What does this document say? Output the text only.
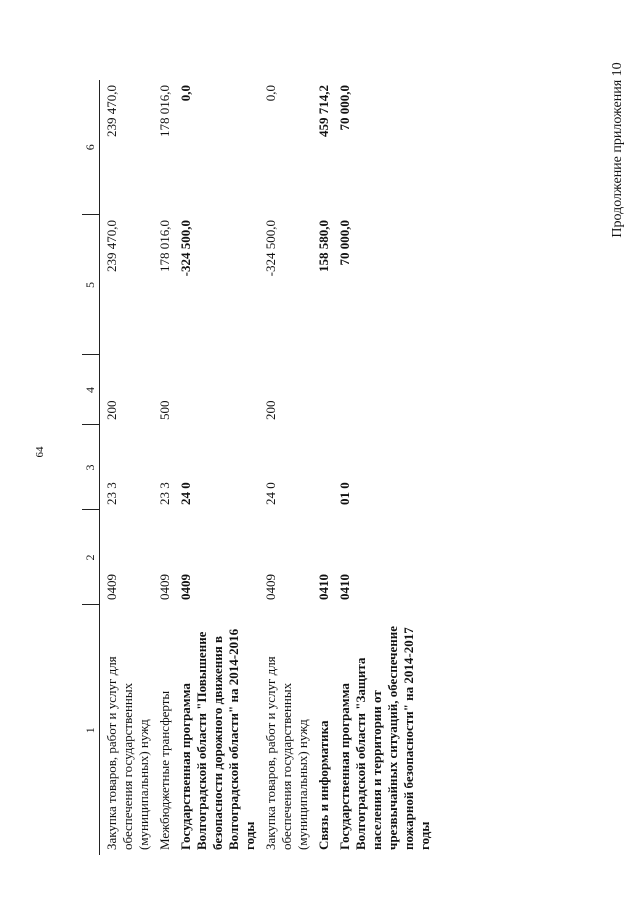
64
Продолжение приложения 10
1	2	3	4	5	6
Закупка товаров, работ и услуг для обеспечения государственных (муниципальных) нужд	0409	23 3	200	239 470,0	239 470,0
Межбюджетные трансферты	0409	23 3	500	178 016,0	178 016,0
Государственная программа Волгоградской области "Повышение безопасности дорожного движения в Волгоградской области" на 2014-2016 годы	0409	24 0		-324 500,0	0,0
Закупка товаров, работ и услуг для обеспечения государственных (муниципальных) нужд	0409	24 0	200	-324 500,0	0,0
Связь и информатика	0410			158 580,0	459 714,2
Государственная программа Волгоградской области "Защита населения и территории от чрезвычайных ситуаций, обеспечение пожарной безопасности" на 2014-2017 годы	0410	01 0		70 000,0	70 000,0
